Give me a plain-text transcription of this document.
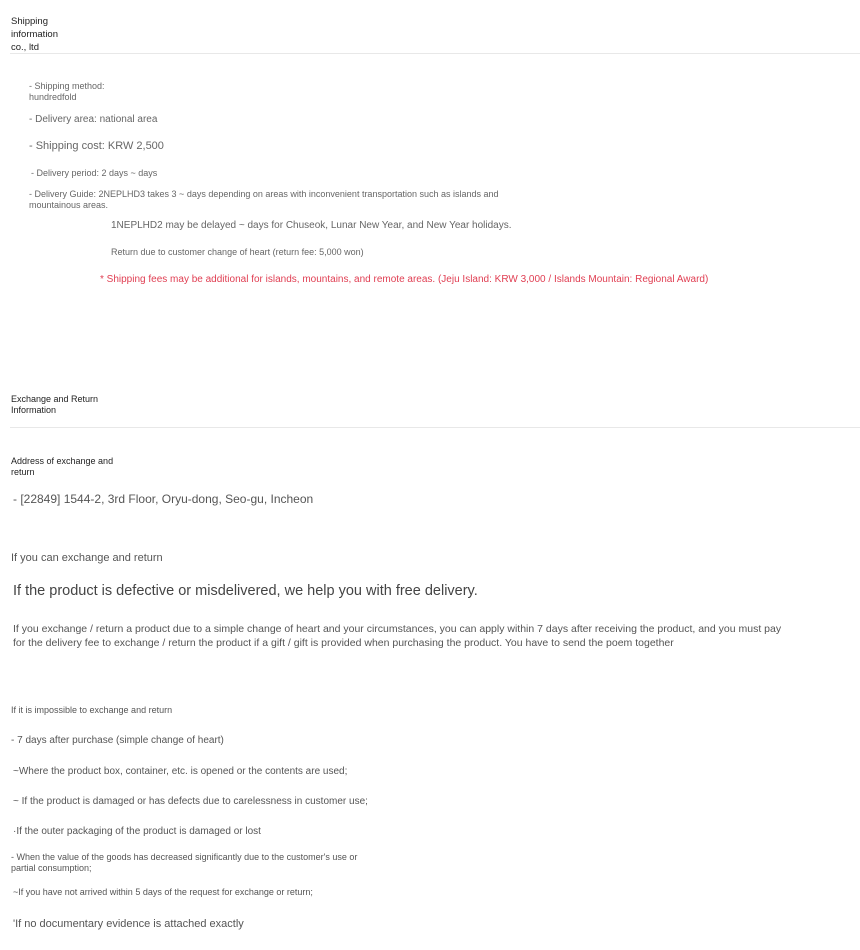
Shipping
information
co., ltd
- Shipping method:
hundredfold
- Delivery area: national area
- Shipping cost: KRW 2,500
- Delivery period: 2 days ~ days
- Delivery Guide: 2NEPLHD3 takes 3 ~ days depending on areas with inconvenient transportation such as islands and
mountainous areas.
1NEPLHD2 may be delayed ~ days for Chuseok, Lunar New Year, and New Year holidays.
Return due to customer change of heart (return fee: 5,000 won)
* Shipping fees may be additional for islands, mountains, and remote areas. (Jeju Island: KRW 3,000 / Islands Mountain: Regional Award)
Exchange and Return
Information
Address of exchange and
return
- [22849] 1544-2, 3rd Floor, Oryu-dong, Seo-gu, Incheon
If you can exchange and return
If the product is defective or misdelivered, we help you with free delivery.
If you exchange / return a product due to a simple change of heart and your circumstances, you can apply within 7 days after receiving the product, and you must pay
for the delivery fee to exchange / return the product if a gift / gift is provided when purchasing the product. You have to send the poem together
If it is impossible to exchange and return
- 7 days after purchase (simple change of heart)
~Where the product box, container, etc. is opened or the contents are used;
~ If the product is damaged or has defects due to carelessness in customer use;
·If the outer packaging of the product is damaged or lost
- When the value of the goods has decreased significantly due to the customer's use or
partial consumption;
~If you have not arrived within 5 days of the request for exchange or return;
'If no documentary evidence is attached exactly
